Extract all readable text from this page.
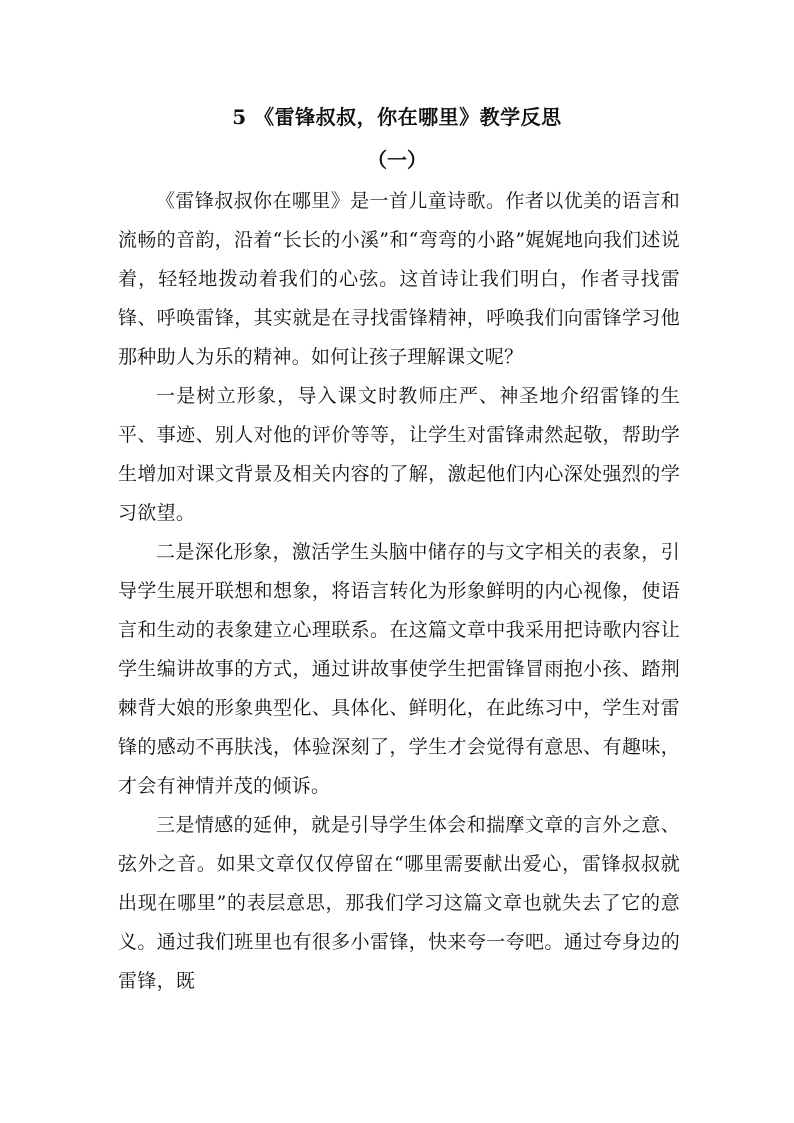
5 《雷锋叔叔，你在哪里》教学反思
（一）

《雷锋叔叔你在哪里》是一首儿童诗歌。作者以优美的语言和流畅的音韵，沿着“长长的小溪”和“弯弯的小路”娓娓地向我们述说着，轻轻地拨动着我们的心弦。这首诗让我们明白，作者寻找雷锋、呼唤雷锋，其实就是在寻找雷锋精神，呼唤我们向雷锋学习他那种助人为乐的精神。如何让孩子理解课文呢？

一是树立形象，导入课文时教师庄严、神圣地介绍雷锋的生平、事迹、别人对他的评价等等，让学生对雷锋肃然起敬，帮助学生增加对课文背景及相关内容的了解，激起他们内心深处强烈的学习欲望。

二是深化形象，激活学生头脑中储存的与文字相关的表象，引导学生展开联想和想象，将语言转化为形象鲜明的内心视像，使语言和生动的表象建立心理联系。在这篇文章中我采用把诗歌内容让学生编讲故事的方式，通过讲故事使学生把雷锋冒雨抱小孩、踏荆棘背大娘的形象典型化、具体化、鲜明化，在此练习中，学生对雷锋的感动不再肤浅，体验深刻了，学生才会觉得有意思、有趣味，才会有神情并茂的倾诉。

三是情感的延伸，就是引导学生体会和揣摩文章的言外之意、弦外之音。如果文章仅仅停留在“哪里需要献出爱心，雷锋叔叔就出现在哪里”的表层意思，那我们学习这篇文章也就失去了它的意义。通过我们班里也有很多小雷锋，快来夸一夸吧。通过夸身边的雷锋，既
